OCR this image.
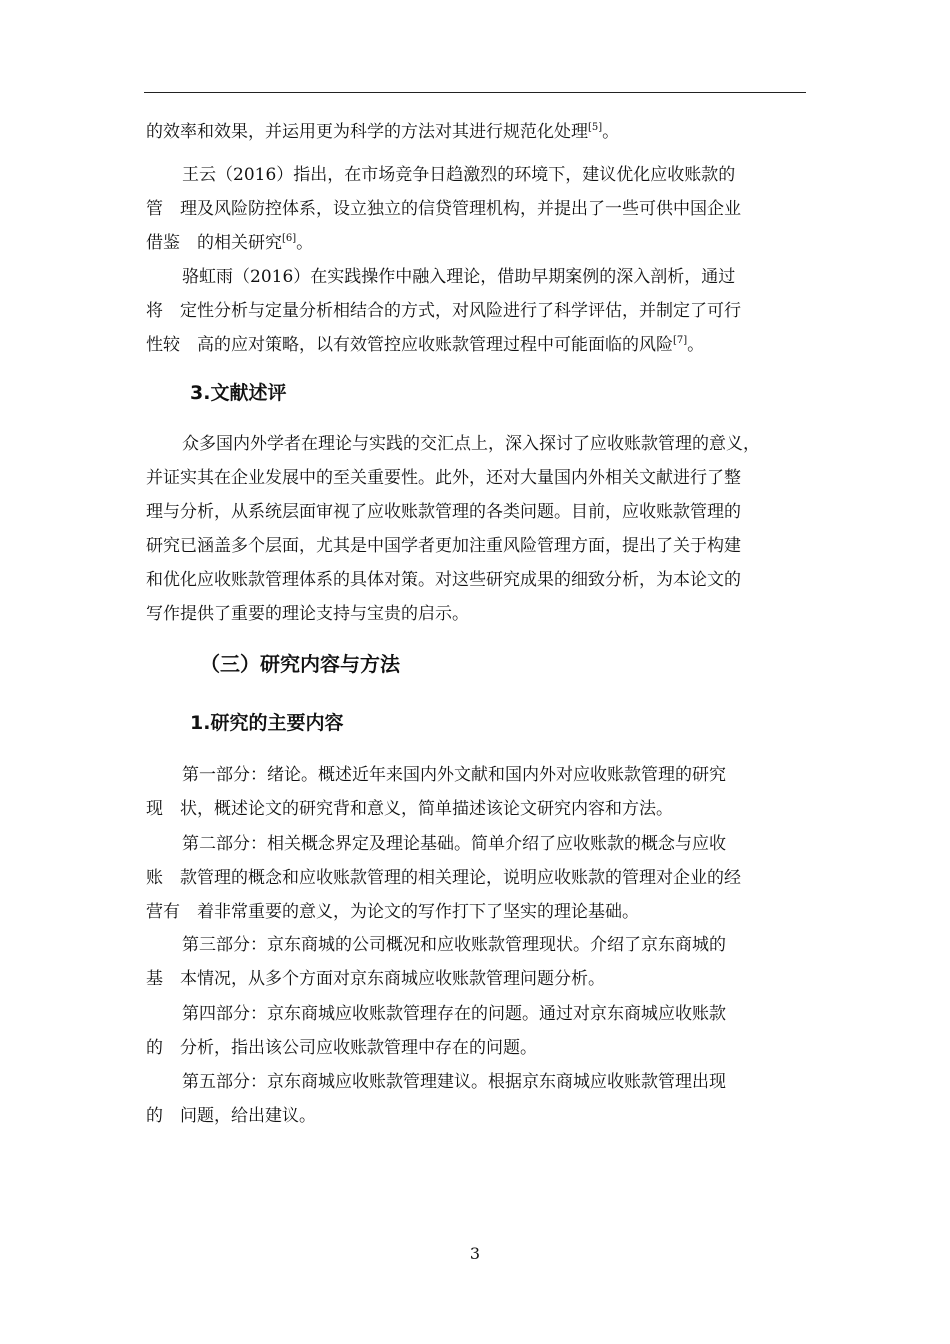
的效率和效果，并运用更为科学的方法对其进行规范化处理[5]。

王云（2016）指出，在市场竞争日趋激烈的环境下，建议优化应收账款的
管　理及风险防控体系，设立独立的信贷管理机构，并提出了一些可供中国企业
借鉴　的相关研究[6]。

骆虹雨（2016）在实践操作中融入理论，借助早期案例的深入剖析，通过
将　定性分析与定量分析相结合的方式，对风险进行了科学评估，并制定了可行
性较　高的应对策略，以有效管控应收账款管理过程中可能面临的风险[7]。

3.文献述评

众多国内外学者在理论与实践的交汇点上，深入探讨了应收账款管理的意义，
并证实其在企业发展中的至关重要性。此外，还对大量国内外相关文献进行了整
理与分析，从系统层面审视了应收账款管理的各类问题。目前，应收账款管理的
研究已涵盖多个层面，尤其是中国学者更加注重风险管理方面，提出了关于构建
和优化应收账款管理体系的具体对策。对这些研究成果的细致分析，为本论文的
写作提供了重要的理论支持与宝贵的启示。

（三）研究内容与方法
1.研究的主要内容

第一部分：绪论。概述近年来国内外文献和国内外对应收账款管理的研究
现　状，概述论文的研究背和意义，简单描述该论文研究内容和方法。

第二部分：相关概念界定及理论基础。简单介绍了应收账款的概念与应收
账　款管理的概念和应收账款管理的相关理论，说明应收账款的管理对企业的经
营有　着非常重要的意义，为论文的写作打下了坚实的理论基础。

第三部分：京东商城的公司概况和应收账款管理现状。介绍了京东商城的
基　本情况，从多个方面对京东商城应收账款管理问题分析。

第四部分：京东商城应收账款管理存在的问题。通过对京东商城应收账款
的　分析，指出该公司应收账款管理中存在的问题。

第五部分：京东商城应收账款管理建议。根据京东商城应收账款管理出现
的　问题，给出建议。

3
